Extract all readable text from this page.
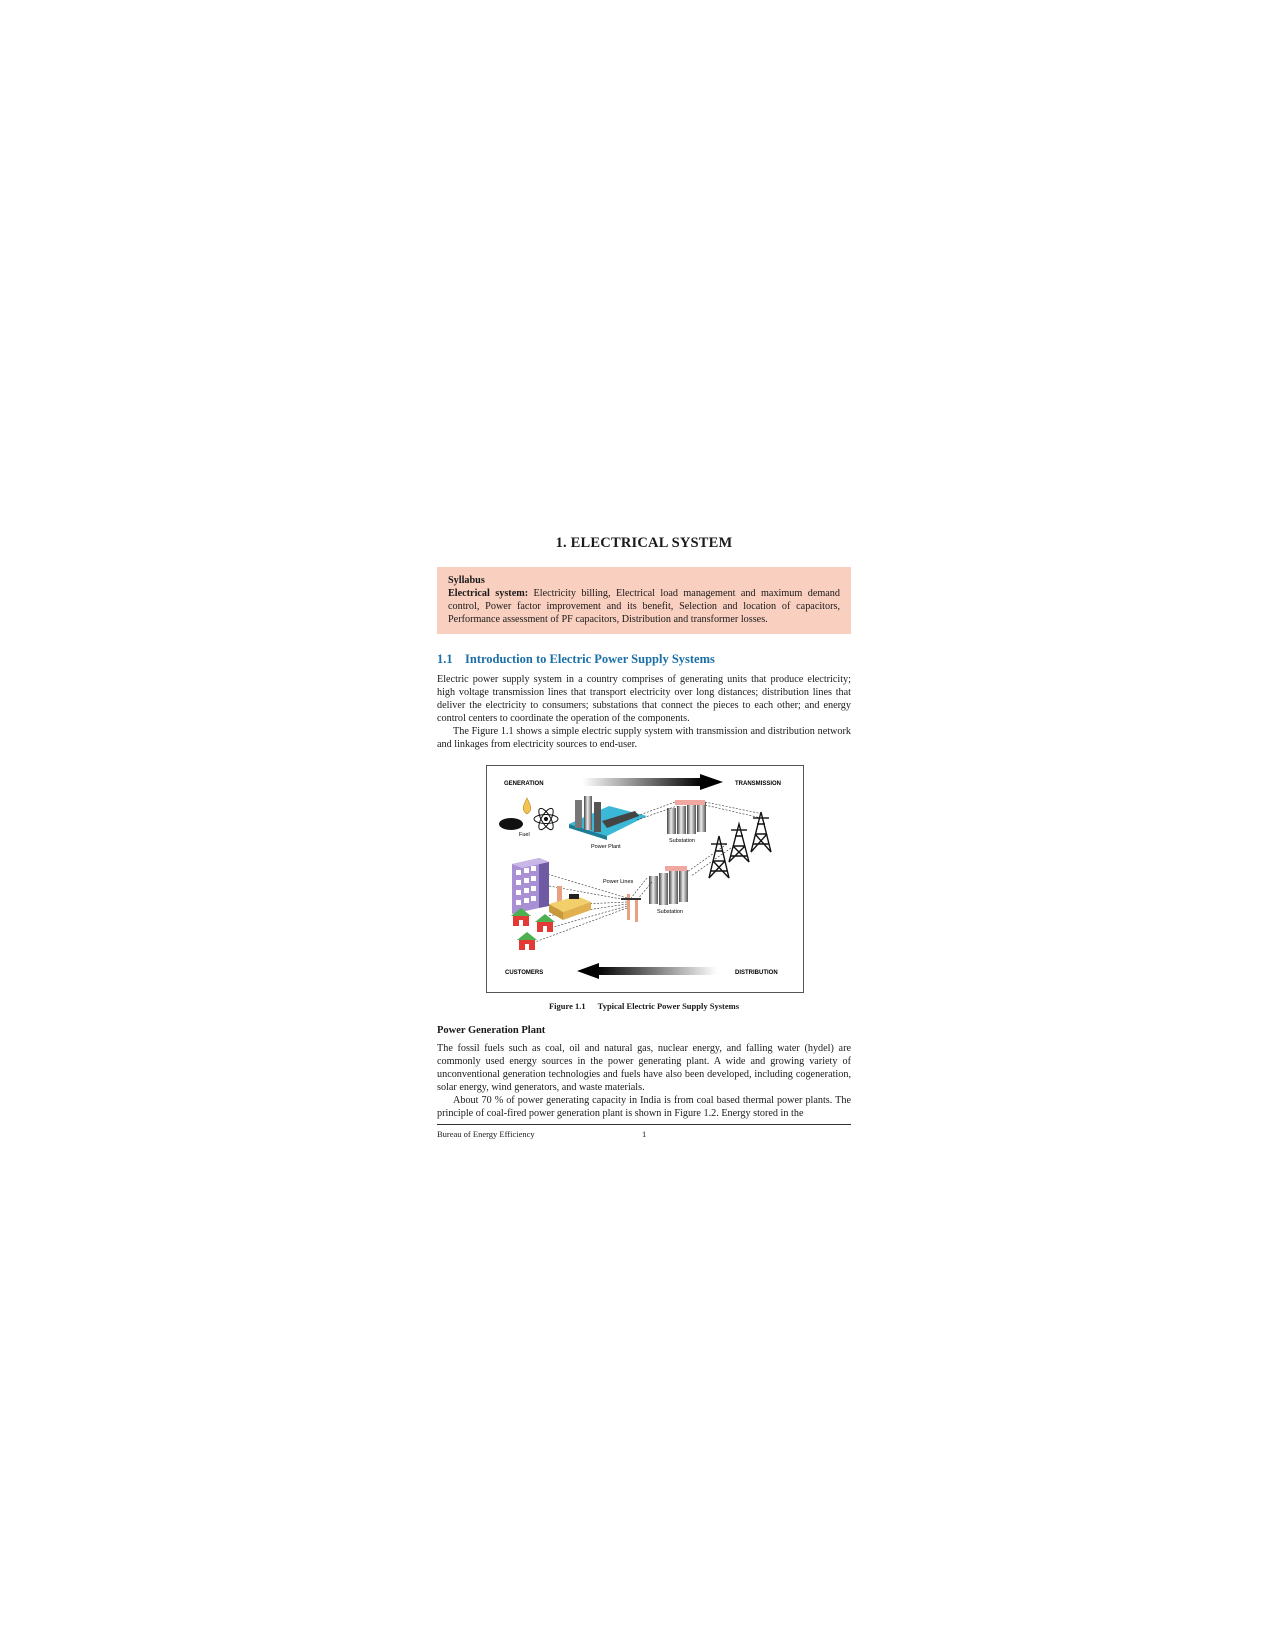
1. ELECTRICAL SYSTEM
Syllabus
Electrical system: Electricity billing, Electrical load management and maximum demand control, Power factor improvement and its benefit, Selection and location of capacitors, Performance assessment of PF capacitors, Distribution and transformer losses.
1.1 Introduction to Electric Power Supply Systems
Electric power supply system in a country comprises of generating units that produce electricity; high voltage transmission lines that transport electricity over long distances; distribution lines that deliver the electricity to consumers; substations that connect the pieces to each other; and energy control centers to coordinate the operation of the components.
The Figure 1.1 shows a simple electric supply system with transmission and distribution network and linkages from electricity sources to end-user.
GENERATION	TRANSMISSION
CUSTOMERS	DISTRIBUTION
Fuel
Power Plant
Substation
Substation
Power Lines
Figure 1.1 Typical Electric Power Supply Systems
Power Generation Plant
The fossil fuels such as coal, oil and natural gas, nuclear energy, and falling water (hydel) are commonly used energy sources in the power generating plant. A wide and growing variety of unconventional generation technologies and fuels have also been developed, including cogeneration, solar energy, wind generators, and waste materials.
About 70 % of power generating capacity in India is from coal based thermal power plants. The principle of coal-fired power generation plant is shown in Figure 1.2. Energy stored in the
Bureau of Energy Efficiency	1
